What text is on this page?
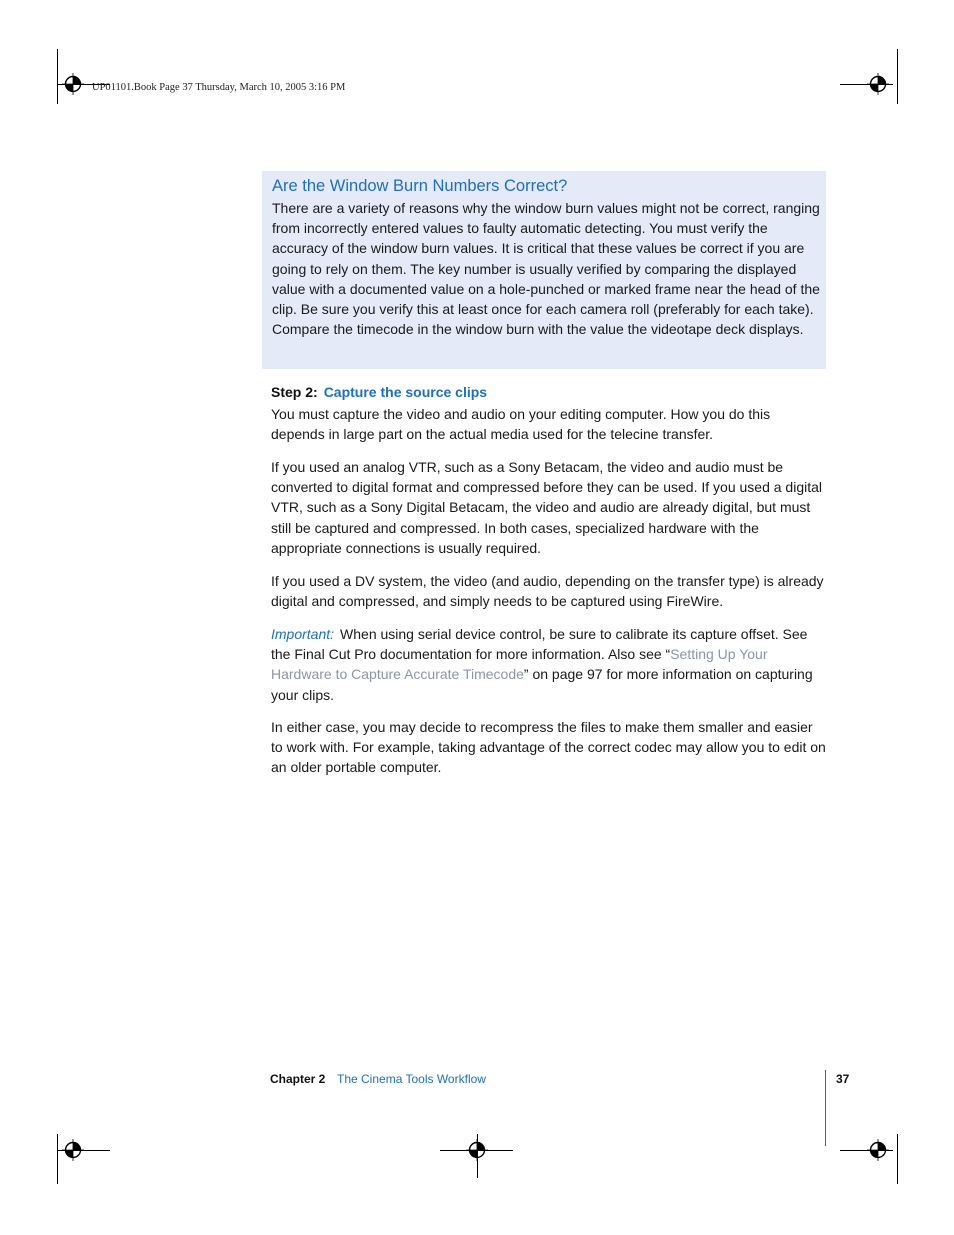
UP01101.Book Page 37 Thursday, March 10, 2005 3:16 PM
Are the Window Burn Numbers Correct?
There are a variety of reasons why the window burn values might not be correct, ranging from incorrectly entered values to faulty automatic detecting. You must verify the accuracy of the window burn values. It is critical that these values be correct if you are going to rely on them. The key number is usually verified by comparing the displayed value with a documented value on a hole-punched or marked frame near the head of the clip. Be sure you verify this at least once for each camera roll (preferably for each take). Compare the timecode in the window burn with the value the videotape deck displays.
Step 2: Capture the source clips
You must capture the video and audio on your editing computer. How you do this depends in large part on the actual media used for the telecine transfer.
If you used an analog VTR, such as a Sony Betacam, the video and audio must be converted to digital format and compressed before they can be used. If you used a digital VTR, such as a Sony Digital Betacam, the video and audio are already digital, but must still be captured and compressed. In both cases, specialized hardware with the appropriate connections is usually required.
If you used a DV system, the video (and audio, depending on the transfer type) is already digital and compressed, and simply needs to be captured using FireWire.
Important: When using serial device control, be sure to calibrate its capture offset. See the Final Cut Pro documentation for more information. Also see “Setting Up Your Hardware to Capture Accurate Timecode” on page 97 for more information on capturing your clips.
In either case, you may decide to recompress the files to make them smaller and easier to work with. For example, taking advantage of the correct codec may allow you to edit on an older portable computer.
Chapter 2 The Cinema Tools Workflow	37
